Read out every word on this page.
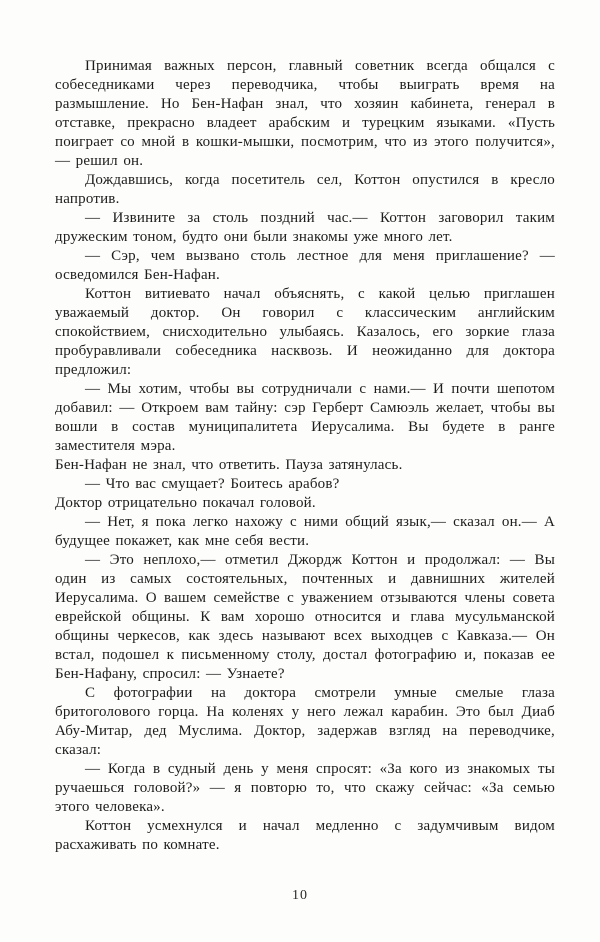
Принимая важных персон, главный советник всегда общался с собеседниками через переводчика, чтобы выиграть время на размышление. Но Бен-Нафан знал, что хозяин кабинета, генерал в отставке, прекрасно владеет арабским и турецким языками. «Пусть поиграет со мной в кошки-мышки, посмотрим, что из этого получится»,— решил он.

Дождавшись, когда посетитель сел, Коттон опустился в кресло напротив.

— Извините за столь поздний час.— Коттон заговорил таким дружеским тоном, будто они были знакомы уже много лет.

— Сэр, чем вызвано столь лестное для меня приглашение? — осведомился Бен-Нафан.

Коттон витиевато начал объяснять, с какой целью приглашен уважаемый доктор. Он говорил с классическим английским спокойствием, снисходительно улыбаясь. Казалось, его зоркие глаза пробуравливали собеседника насквозь. И неожиданно для доктора предложил:

— Мы хотим, чтобы вы сотрудничали с нами.— И почти шепотом добавил: — Откроем вам тайну: сэр Герберт Самюэль желает, чтобы вы вошли в состав муниципалитета Иерусалима. Вы будете в ранге заместителя мэра.

Бен-Нафан не знал, что ответить. Пауза затянулась.

— Что вас смущает? Боитесь арабов?

Доктор отрицательно покачал головой.

— Нет, я пока легко нахожу с ними общий язык,— сказал он.— А будущее покажет, как мне себя вести.

— Это неплохо,— отметил Джордж Коттон и продолжал: — Вы один из самых состоятельных, почтенных и давнишних жителей Иерусалима. О вашем семействе с уважением отзываются члены совета еврейской общины. К вам хорошо относится и глава мусульманской общины черкесов, как здесь называют всех выходцев с Кавказа.— Он встал, подошел к письменному столу, достал фотографию и, показав ее Бен-Нафану, спросил: — Узнаете?

С фотографии на доктора смотрели умные смелые глаза бритоголового горца. На коленях у него лежал карабин. Это был Диаб Абу-Митар, дед Муслима. Доктор, задержав взгляд на переводчике, сказал:

— Когда в судный день у меня спросят: «За кого из знакомых ты ручаешься головой?» — я повторю то, что скажу сейчас: «За семью этого человека».

Коттон усмехнулся и начал медленно с задумчивым видом расхаживать по комнате.

10
